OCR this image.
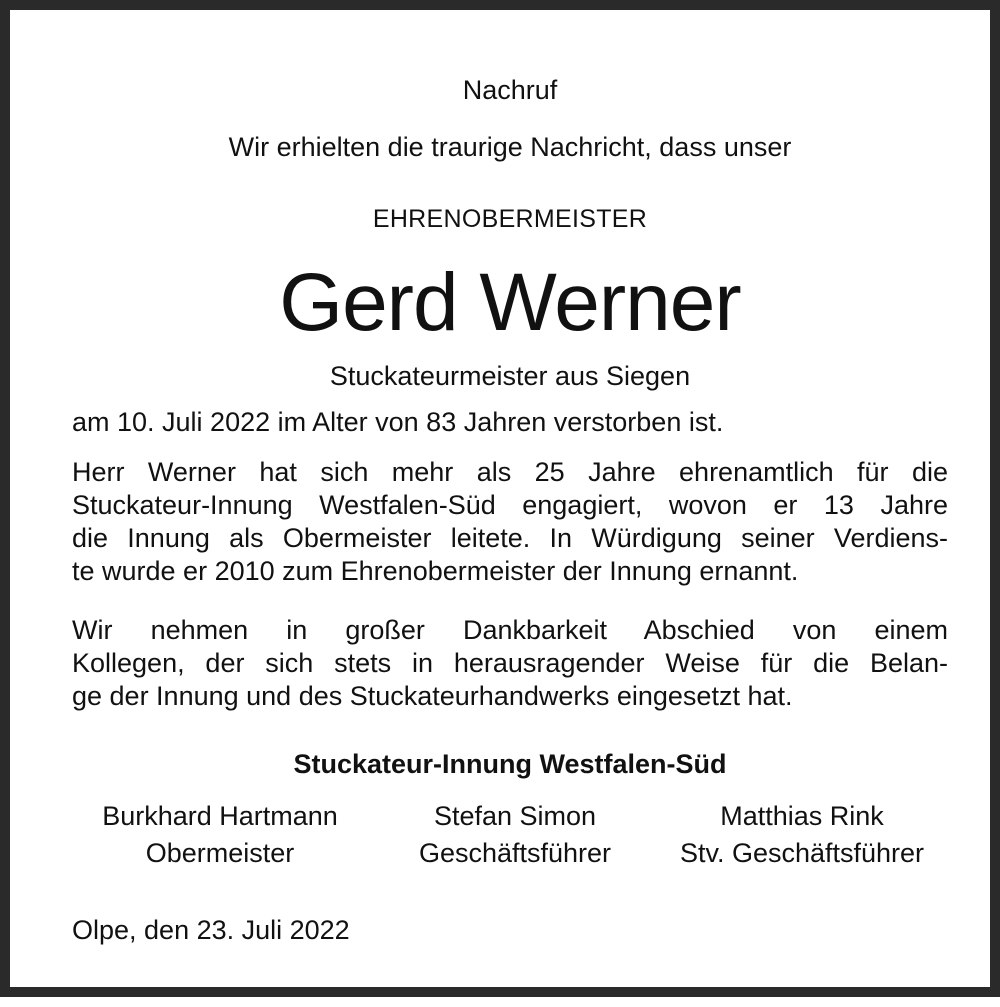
Nachruf
Wir erhielten die traurige Nachricht, dass unser
EHRENOBERMEISTER
Gerd Werner
Stuckateurmeister aus Siegen
am 10. Juli 2022 im Alter von 83 Jahren verstorben ist.
Herr Werner hat sich mehr als 25 Jahre ehrenamtlich für die
Stuckateur-Innung Westfalen-Süd engagiert, wovon er 13 Jahre
die Innung als Obermeister leitete. In Würdigung seiner Verdiens-
te wurde er 2010 zum Ehrenobermeister der Innung ernannt.
Wir nehmen in großer Dankbarkeit Abschied von einem
Kollegen, der sich stets in herausragender Weise für die Belan-
ge der Innung und des Stuckateurhandwerks eingesetzt hat.
Stuckateur-Innung Westfalen-Süd
Burkhard Hartmann
Obermeister
Stefan Simon
Geschäftsführer
Matthias Rink
Stv. Geschäftsführer
Olpe, den 23. Juli 2022
